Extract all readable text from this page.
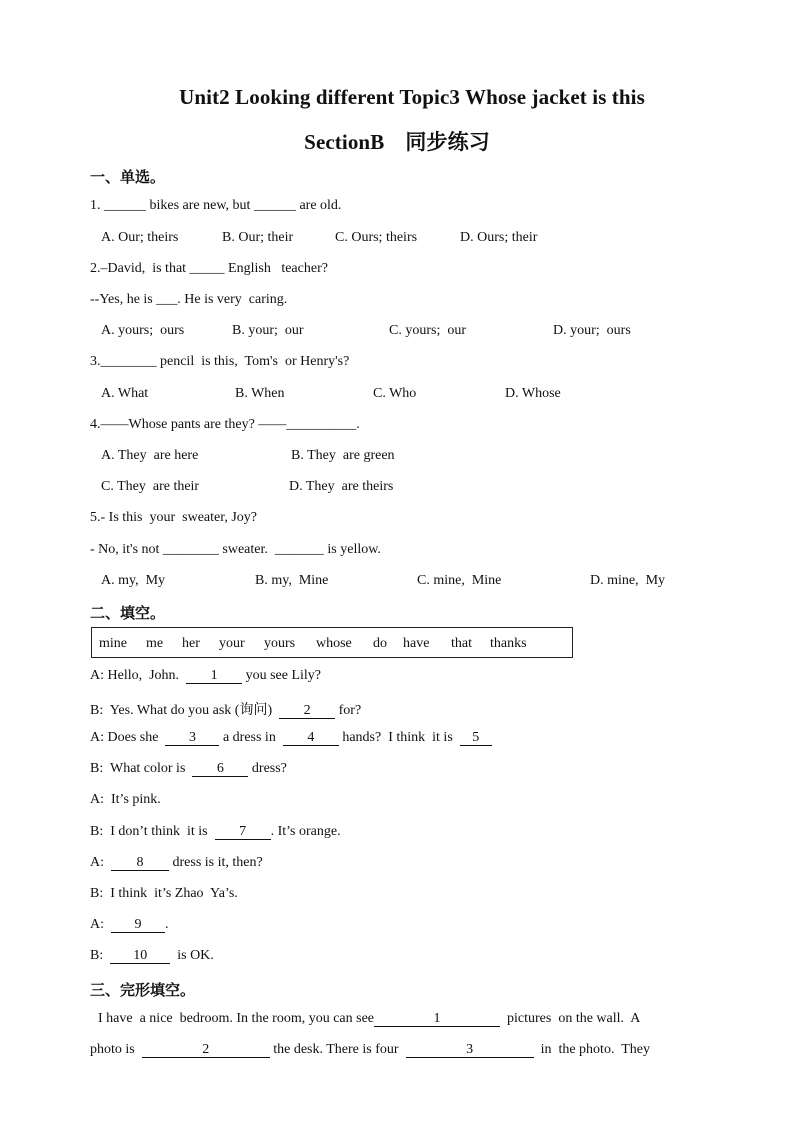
Unit2 Looking different Topic3 Whose jacket is this
SectionB　同步练习
一、单选。
1. ______ bikes are new, but ______ are old.
A. Our; theirs	B. Our; their	C. Ours; theirs	D. Ours; their
2.–David,  is that _____ English   teacher?
--Yes, he is ___. He is very  caring.
A. yours;  ours	B. your;  our	C. yours;  our	D. your;  ours
3.________ pencil  is this,  Tom's  or Henry's?
A. What	B. When	C. Who	D. Whose
4.——Whose pants are they? ——__________.
A. They  are here	B. They  are green
C. They  are their	D. They  are theirs
5.- Is this  your  sweater, Joy?
- No, it's not ________ sweater.  _______ is yellow.
A. my,  My	B. my,  Mine	C. mine,  Mine	D. mine,  My
二、填空。
mine me her your yours whose do have that thanks
A: Hello,  John.  1 you see Lily?
B:  Yes. What do you ask (询问)  2 for?
A: Does she  3 a dress in  4 hands?  I think  it is  5
B:  What color is  6 dress?
A:  It’s pink.
B:  I don’t think  it is  7 . It’s orange.
A:  8 dress is it, then?
B:  I think  it’s Zhao  Ya’s.
A:  9 .
B:  10  is OK.
三、完形填空。
I have  a nice  bedroom. In the room, you can see	1	pictures  on the wall.  A
photo is	2	the desk. There is four	3	in  the photo.  They
